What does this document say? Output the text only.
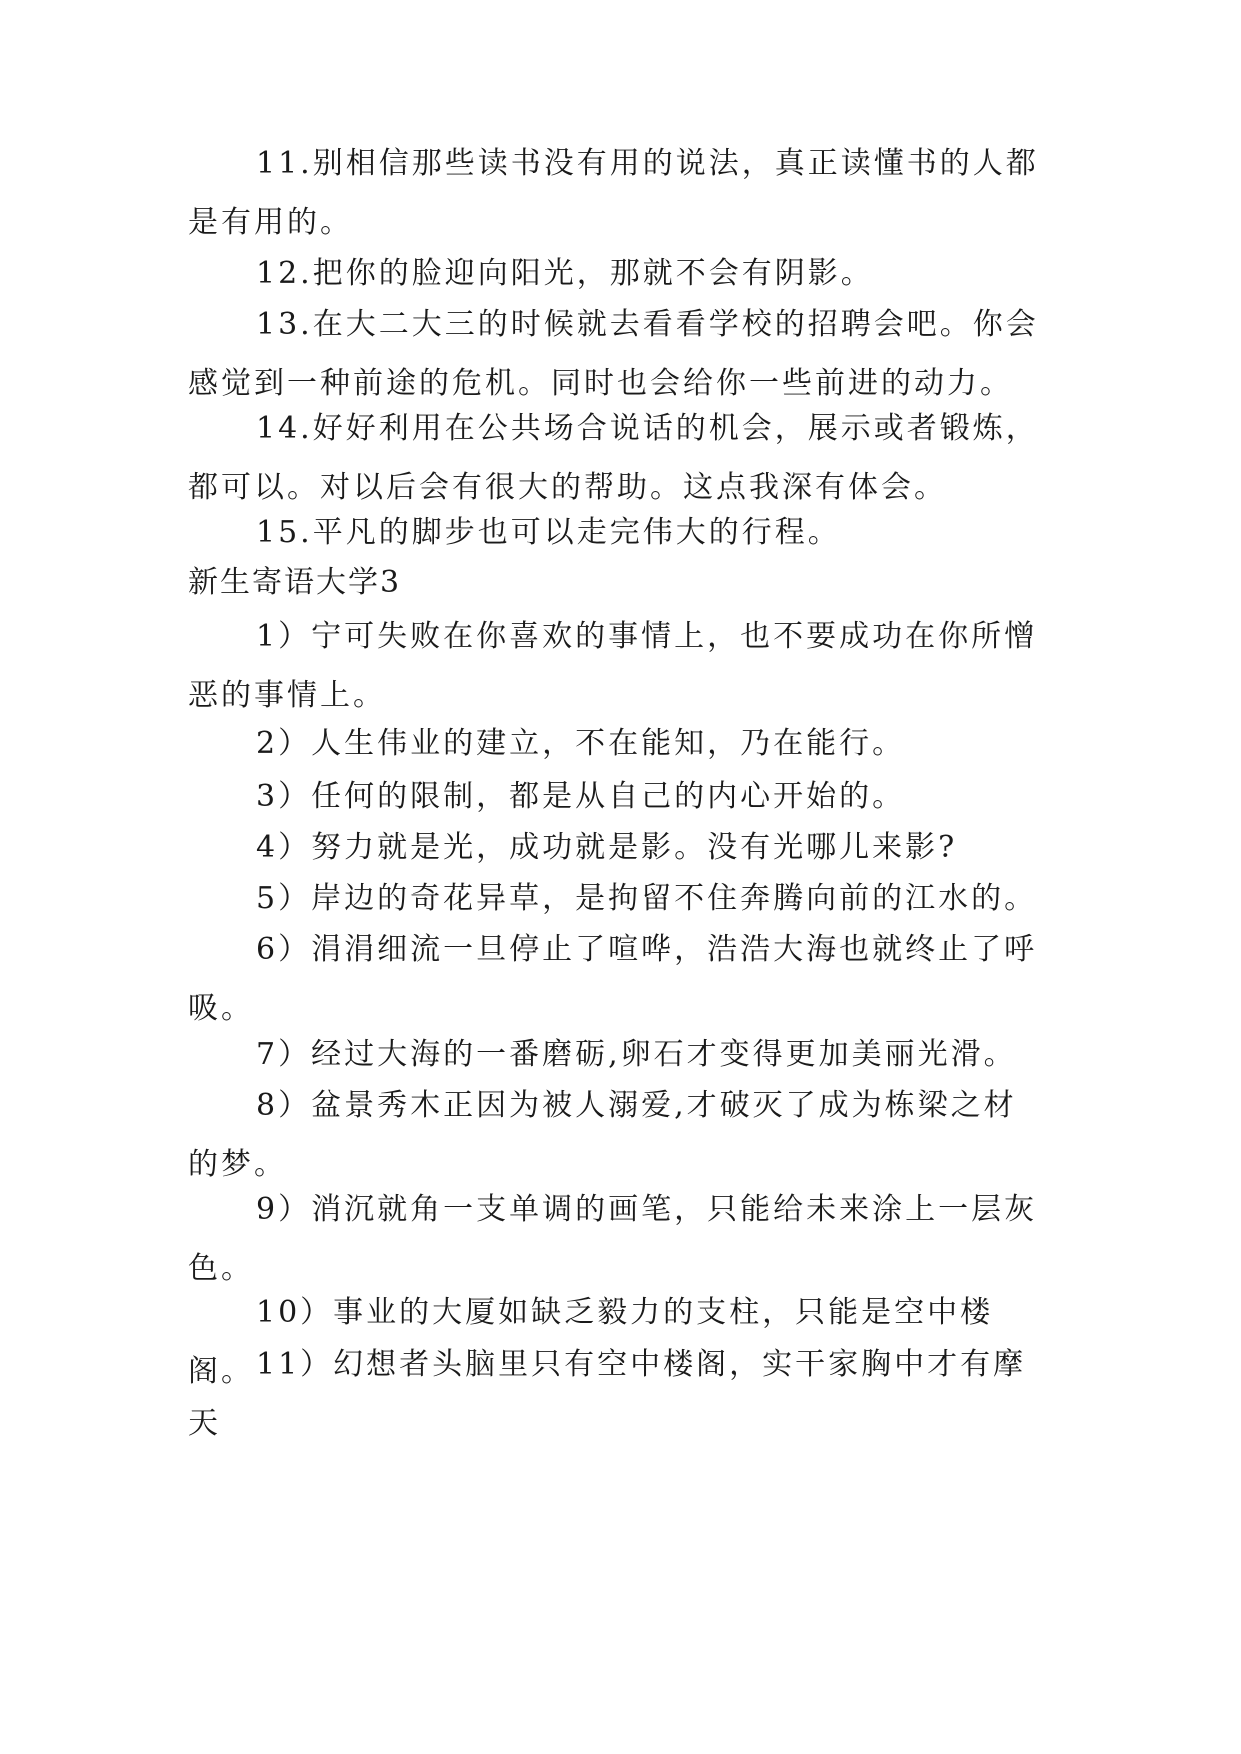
11.别相信那些读书没有用的说法，真正读懂书的人都是有用的。

12.把你的脸迎向阳光，那就不会有阴影。

13.在大二大三的时候就去看看学校的招聘会吧。你会感觉到一种前途的危机。同时也会给你一些前进的动力。

14.好好利用在公共场合说话的机会，展示或者锻炼，都可以。对以后会有很大的帮助。这点我深有体会。

15.平凡的脚步也可以走完伟大的行程。

新生寄语大学3

1）宁可失败在你喜欢的事情上，也不要成功在你所憎恶的事情上。

2）人生伟业的建立，不在能知，乃在能行。

3）任何的限制，都是从自己的内心开始的。

4）努力就是光，成功就是影。没有光哪儿来影?

5）岸边的奇花异草，是拘留不住奔腾向前的江水的。

6）涓涓细流一旦停止了喧哗，浩浩大海也就终止了呼吸。

7）经过大海的一番磨砺,卵石才变得更加美丽光滑。

8）盆景秀木正因为被人溺爱,才破灭了成为栋梁之材的梦。

9）消沉就角一支单调的画笔，只能给未来涂上一层灰色。

10）事业的大厦如缺乏毅力的支柱，只能是空中楼阁。 11）幻想者头脑里只有空中楼阁，实干家胸中才有摩天
